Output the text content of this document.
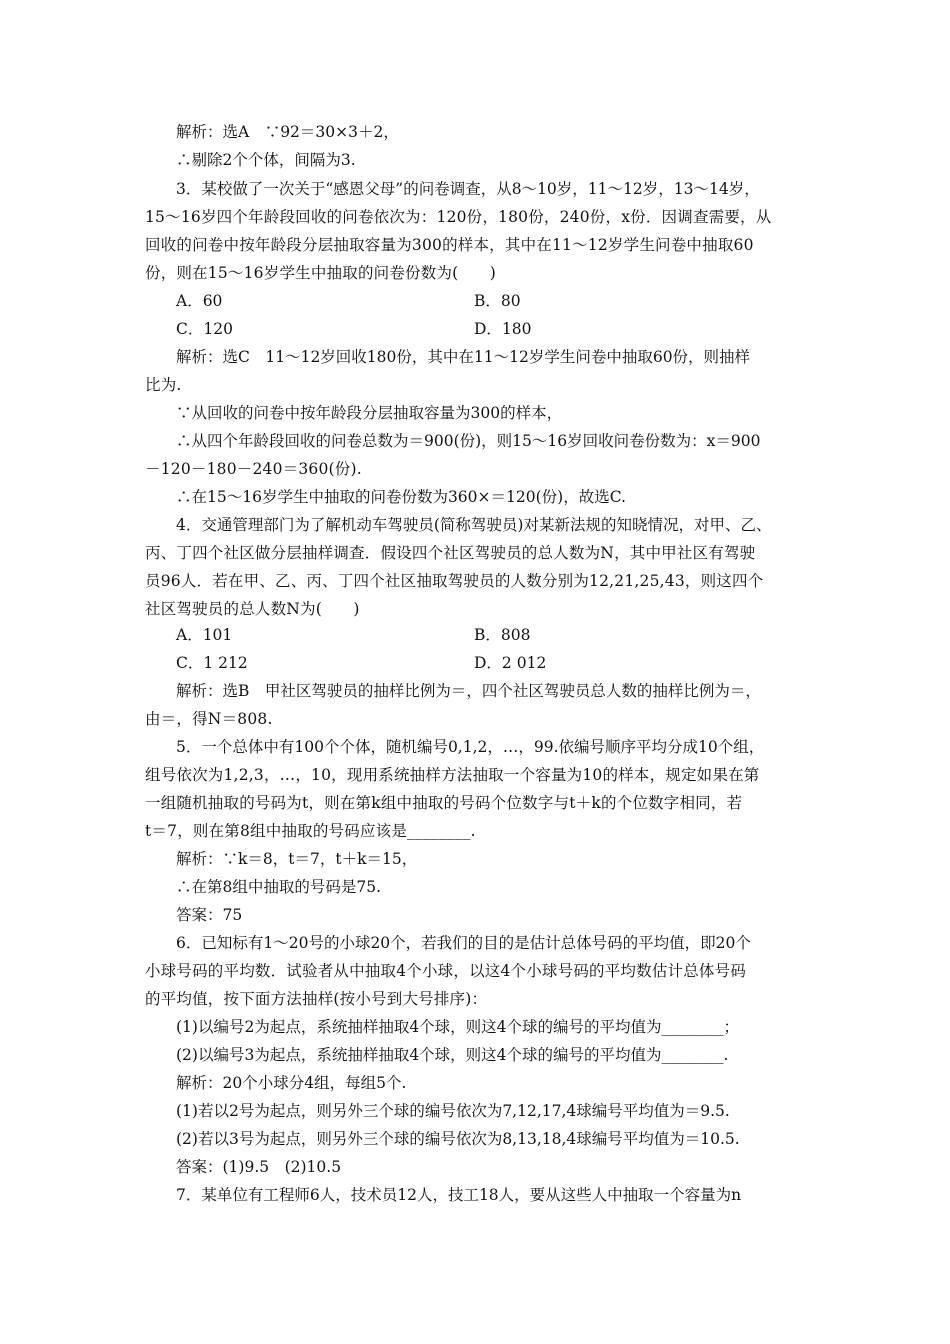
解析：选A　∵92＝30×3＋2，
∴剔除2个个体，间隔为3.
3．某校做了一次关于“感恩父母”的问卷调查，从8～10岁，11～12岁，13～14岁，
15～16岁四个年龄段回收的问卷依次为：120份，180份，240份，x份．因调查需要，从
回收的问卷中按年龄段分层抽取容量为300的样本，其中在11～12岁学生问卷中抽取60
份，则在15～16岁学生中抽取的问卷份数为(　　)
A．60	B．80
C．120	D．180
解析：选C　11～12岁回收180份，其中在11～12岁学生问卷中抽取60份，则抽样
比为.
∵从回收的问卷中按年龄段分层抽取容量为300的样本，
∴从四个年龄段回收的问卷总数为＝900(份)，则15～16岁回收问卷份数为：x＝900
－120－180－240＝360(份).
∴在15～16岁学生中抽取的问卷份数为360×＝120(份)，故选C.
4．交通管理部门为了解机动车驾驶员(简称驾驶员)对某新法规的知晓情况，对甲、乙、
丙、丁四个社区做分层抽样调查．假设四个社区驾驶员的总人数为N，其中甲社区有驾驶
员96人．若在甲、乙、丙、丁四个社区抽取驾驶员的人数分别为12,21,25,43，则这四个
社区驾驶员的总人数N为(　　)
A．101	B．808
C．1 212	D．2 012
解析：选B　甲社区驾驶员的抽样比例为＝，四个社区驾驶员总人数的抽样比例为＝，
由＝，得N＝808.
5．一个总体中有100个个体，随机编号0,1,2，…，99.依编号顺序平均分成10个组，
组号依次为1,2,3，…，10，现用系统抽样方法抽取一个容量为10的样本，规定如果在第
一组随机抽取的号码为t，则在第k组中抽取的号码个位数字与t＋k的个位数字相同，若
t＝7，则在第8组中抽取的号码应该是________.
解析：∵k＝8，t＝7，t＋k＝15，
∴在第8组中抽取的号码是75.
答案：75
6．已知标有1～20号的小球20个，若我们的目的是估计总体号码的平均值，即20个
小球号码的平均数．试验者从中抽取4个小球，以这4个小球号码的平均数估计总体号码
的平均值，按下面方法抽样(按小号到大号排序)：
(1)以编号2为起点，系统抽样抽取4个球，则这4个球的编号的平均值为________；
(2)以编号3为起点，系统抽样抽取4个球，则这4个球的编号的平均值为________.
解析：20个小球分4组，每组5个.
(1)若以2号为起点，则另外三个球的编号依次为7,12,17,4球编号平均值为＝9.5.
(2)若以3号为起点，则另外三个球的编号依次为8,13,18,4球编号平均值为＝10.5.
答案：(1)9.5　(2)10.5
7．某单位有工程师6人，技术员12人，技工18人，要从这些人中抽取一个容量为n
